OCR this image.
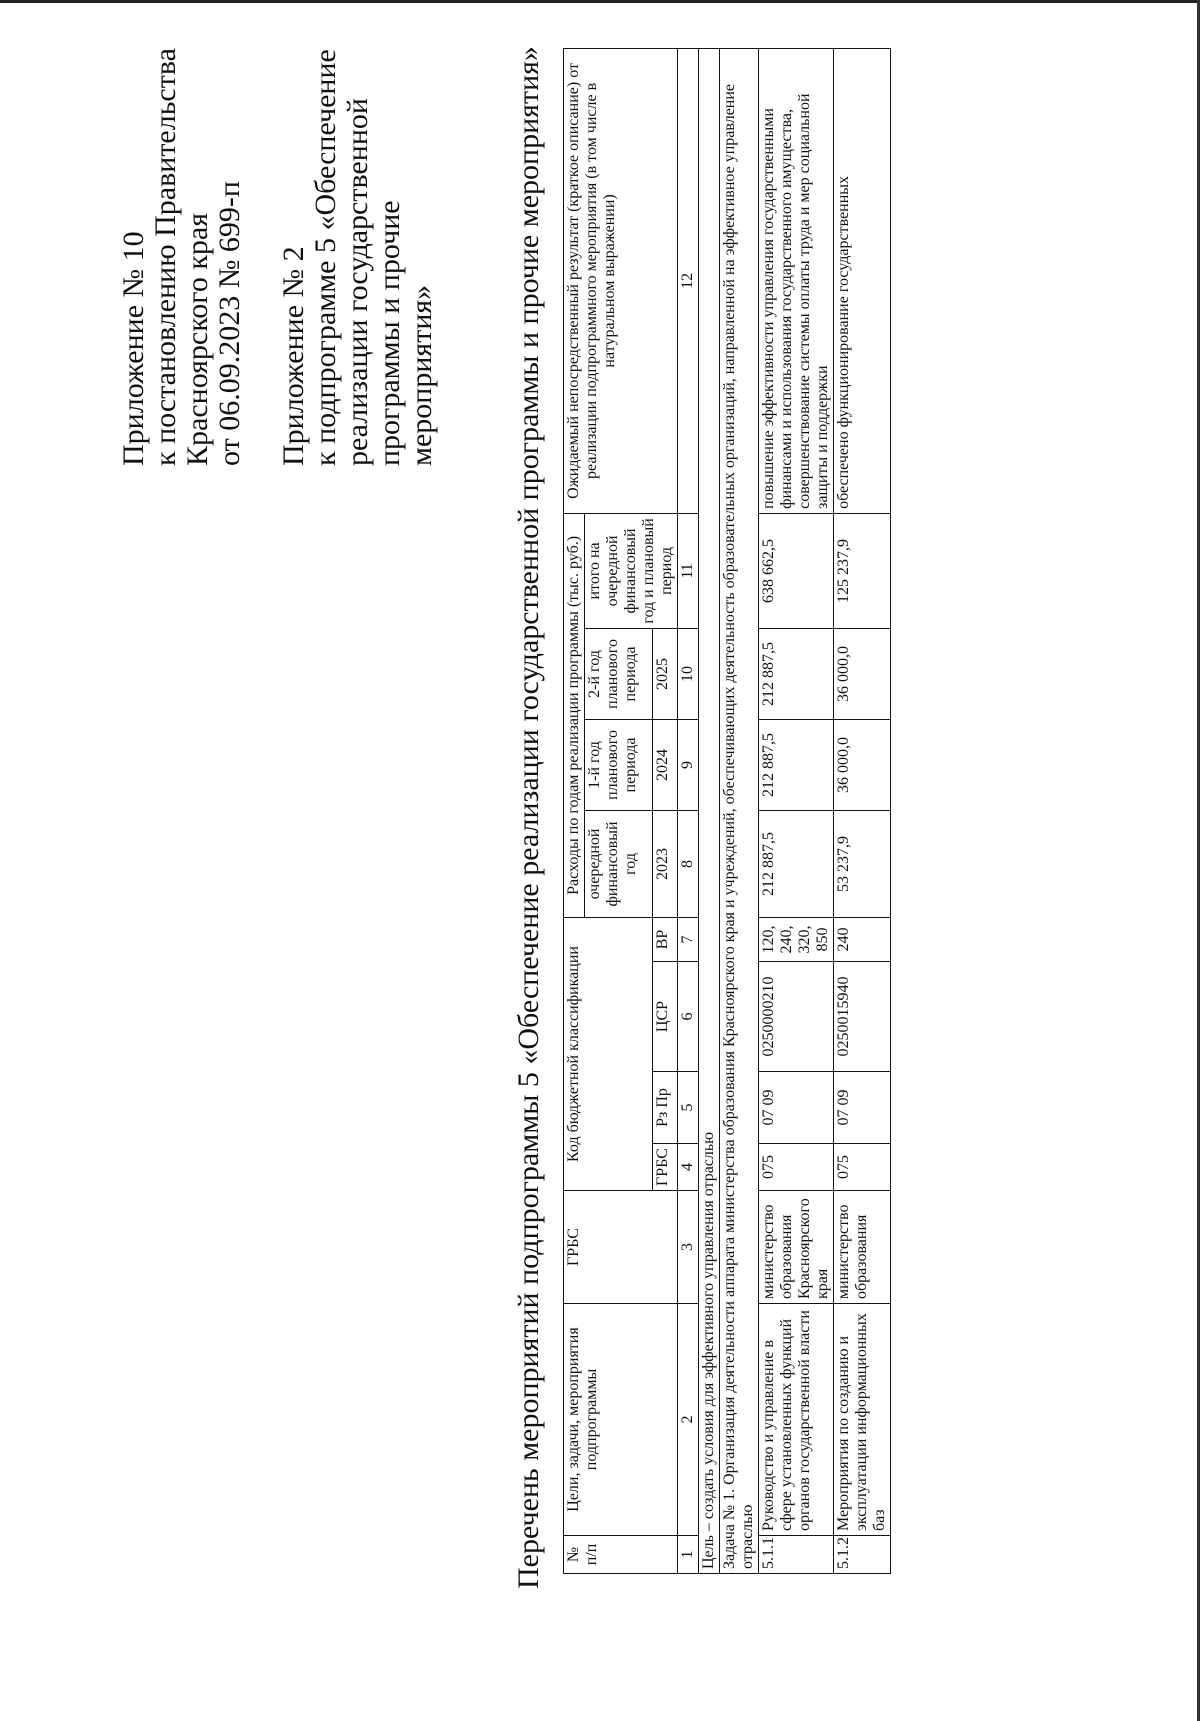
Приложение № 10 к постановлению Правительства Красноярского края от 06.09.2023 № 699-п Приложение № 2 к подпрограмме 5 «Обеспечение реализации государственной программы и прочие мероприятия» Перечень мероприятий подпрограммы 5 «Обеспечение реализации государственной программы и прочие мероприятия» № п/п	Цели, задачи, мероприятия подпрограммы	ГРБС	Код бюджетной классификации				Расходы по годам реализации программы (тыс. руб.)				Ожидаемый непосредственный результат (краткое описание) от реализации подпрограммного мероприятия (в том числе в натуральном выражении)
							очередной финансовый год	1-й год планового периода	2-й год планового периода	итого на очередной финансовый год и плановый период	
			ГРБС	Рз Пр	ЦСР	ВР	2023	2024	2025		
1	2	3	4	5	6	7	8	9	10	11	12
Цель – создать условия для эффективного управления отраслью											
Задача № 1. Организация деятельности аппарата министерства образования Красноярского края и учреждений, обеспечивающих деятельность образовательных организаций, направленной на эффективное управление отраслью											
5.1.1	Руководство и управление в сфере установленных функций органов государственной власти	министерство образования Красноярского края	075	07 09	0250000210	120, 240, 320, 850	212 887,5	212 887,5	212 887,5	638 662,5	повышение эффективности управления государственными финансами и использования государственного имущества, совершенствование системы оплаты труда и мер социальной защиты и поддержки
5.1.2	Мероприятия по созданию и эксплуатации информационных баз	министерство образования	075	07 09	0250015940	240	53 237,9	36 000,0	36 000,0	125 237,9	обеспечено функционирование государственных
